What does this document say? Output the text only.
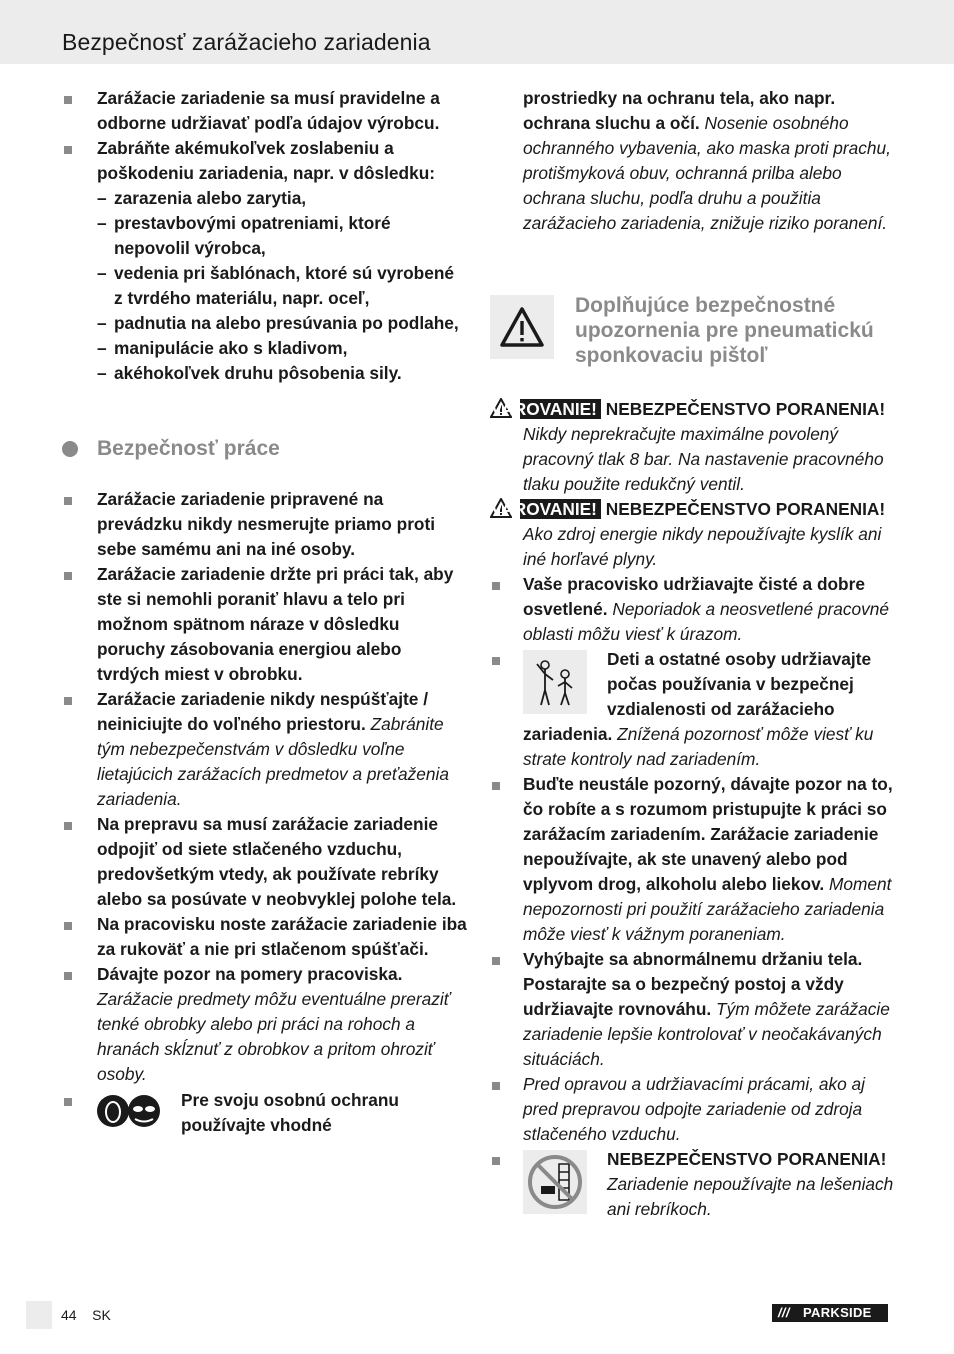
Bezpečnosť zarážacieho zariadenia
Zarážacie zariadenie sa musí pravidelne a odborne udržiavať podľa údajov výrobcu.
Zabráňte akémukoľvek zoslabeniu a poškodeniu zariadenia, napr. v dôsledku:
– zarazenia alebo zarytia,
– prestavbovými opatreniami, ktoré nepovolil výrobca,
– vedenia pri šablónach, ktoré sú vyrobené z tvrdého materiálu, napr. oceľ,
– padnutia na alebo presúvania po podlahe,
– manipulácie ako s kladivom,
– akéhokoľvek druhu pôsobenia sily.
Bezpečnosť práce
Zarážacie zariadenie pripravené na prevádzku nikdy nesmerujte priamo proti sebe samému ani na iné osoby.
Zarážacie zariadenie držte pri práci tak, aby ste si nemohli poraniť hlavu a telo pri možnom spätnom náraze v dôsledku poruchy zásobovania energiou alebo tvrdých miest v obrobku.
Zarážacie zariadenie nikdy nespúšťajte / neiniciujte do voľného priestoru. Zabránite tým nebezpečenstvám v dôsledku voľne lietajúcich zarážacích predmetov a preťaženia zariadenia.
Na prepravu sa musí zarážacie zariadenie odpojiť od siete stlačeného vzduchu, predovšetkým vtedy, ak používate rebríky alebo sa posúvate v neobvyklej polohe tela.
Na pracovisku noste zarážacie zariadenie iba za rukoväť a nie pri stlačenom spúšťači.
Dávajte pozor na pomery pracoviska. Zarážacie predmety môžu eventuálne preraziť tenké obrobky alebo pri práci na rohoch a hranách skĺznuť z obrobkov a pritom ohroziť osoby.
Pre svoju osobnú ochranu používajte vhodné
prostriedky na ochranu tela, ako napr. ochrana sluchu a očí. Nosenie osobného ochranného vybavenia, ako maska proti prachu, protišmyková obuv, ochranná prilba alebo ochrana sluchu, podľa druhu a použitia zarážacieho zariadenia, znižuje riziko poranení.
Doplňujúce bezpečnostné upozornenia pre pneumatickú sponkovaciu pištoľ
VAROVANIE! NEBEZPEČENSTVO PORANENIA! Nikdy neprekračujte maximálne povolený pracovný tlak 8 bar. Na nastavenie pracovného tlaku použite redukčný ventil.
VAROVANIE! NEBEZPEČENSTVO PORANENIA! Ako zdroj energie nikdy nepoužívajte kyslík ani iné horľavé plyny.
Vaše pracovisko udržiavajte čisté a dobre osvetlené. Neporiadok a neosvetlené pracovné oblasti môžu viesť k úrazom.
Deti a ostatné osoby udržiavajte počas používania v bezpečnej vzdialenosti od zarážacieho zariadenia. Znížená pozornosť môže viesť ku strate kontroly nad zariadením.
Buďte neustále pozorný, dávajte pozor na to, čo robíte a s rozumom pristupujte k práci so zarážacím zariadením. Zarážacie zariadenie nepoužívajte, ak ste unavený alebo pod vplyvom drog, alkoholu alebo liekov. Moment nepozornosti pri použití zarážacieho zariadenia môže viesť k vážnym poraneniam.
Vyhýbajte sa abnormálnemu držaniu tela. Postarajte sa o bezpečný postoj a vždy udržiavajte rovnováhu. Tým môžete zarážacie zariadenie lepšie kontrolovať v neočakávaných situáciách.
Pred opravou a udržiavacími prácami, ako aj pred prepravou odpojte zariadenie od zdroja stlačeného vzduchu.
NEBEZPEČENSTVO PORANENIA! Zariadenie nepoužívajte na lešeniach ani rebríkoch.
44 SK	/// PARKSIDE
